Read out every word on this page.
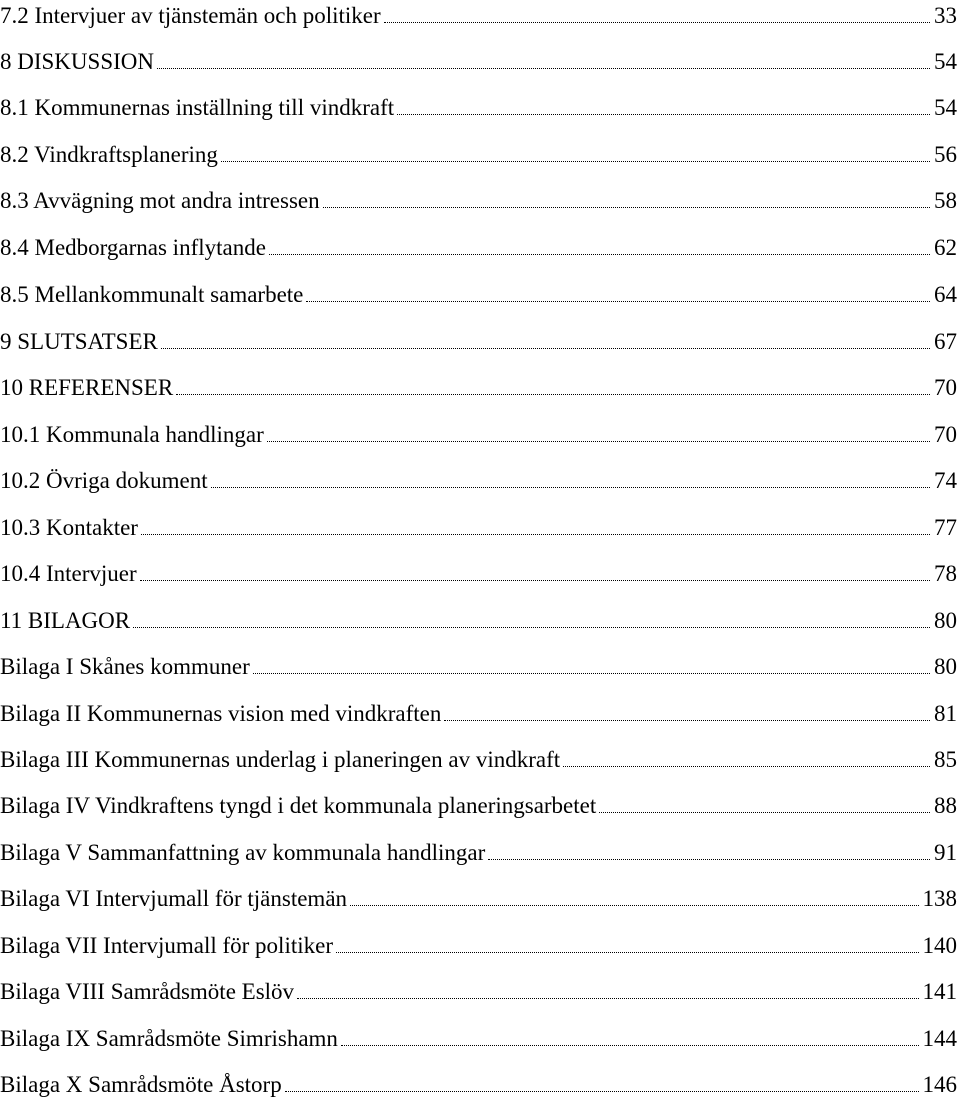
7.2 Intervjuer av tjänstemän och politiker	33
8 DISKUSSION	54
8.1 Kommunernas inställning till vindkraft	54
8.2 Vindkraftsplanering	56
8.3 Avvägning mot andra intressen	58
8.4 Medborgarnas inflytande	62
8.5 Mellankommunalt samarbete	64
9 SLUTSATSER	67
10 REFERENSER	70
10.1 Kommunala handlingar	70
10.2 Övriga dokument	74
10.3 Kontakter	77
10.4 Intervjuer	78
11 BILAGOR	80
Bilaga I Skånes kommuner	80
Bilaga II Kommunernas vision med vindkraften	81
Bilaga III Kommunernas underlag i planeringen av vindkraft	85
Bilaga IV Vindkraftens tyngd i det kommunala planeringsarbetet	88
Bilaga V Sammanfattning av kommunala handlingar	91
Bilaga VI Intervjumall för tjänstemän	138
Bilaga VII Intervjumall för politiker	140
Bilaga VIII Samrådsmöte Eslöv	141
Bilaga IX Samrådsmöte Simrishamn	144
Bilaga X Samrådsmöte Åstorp	146
